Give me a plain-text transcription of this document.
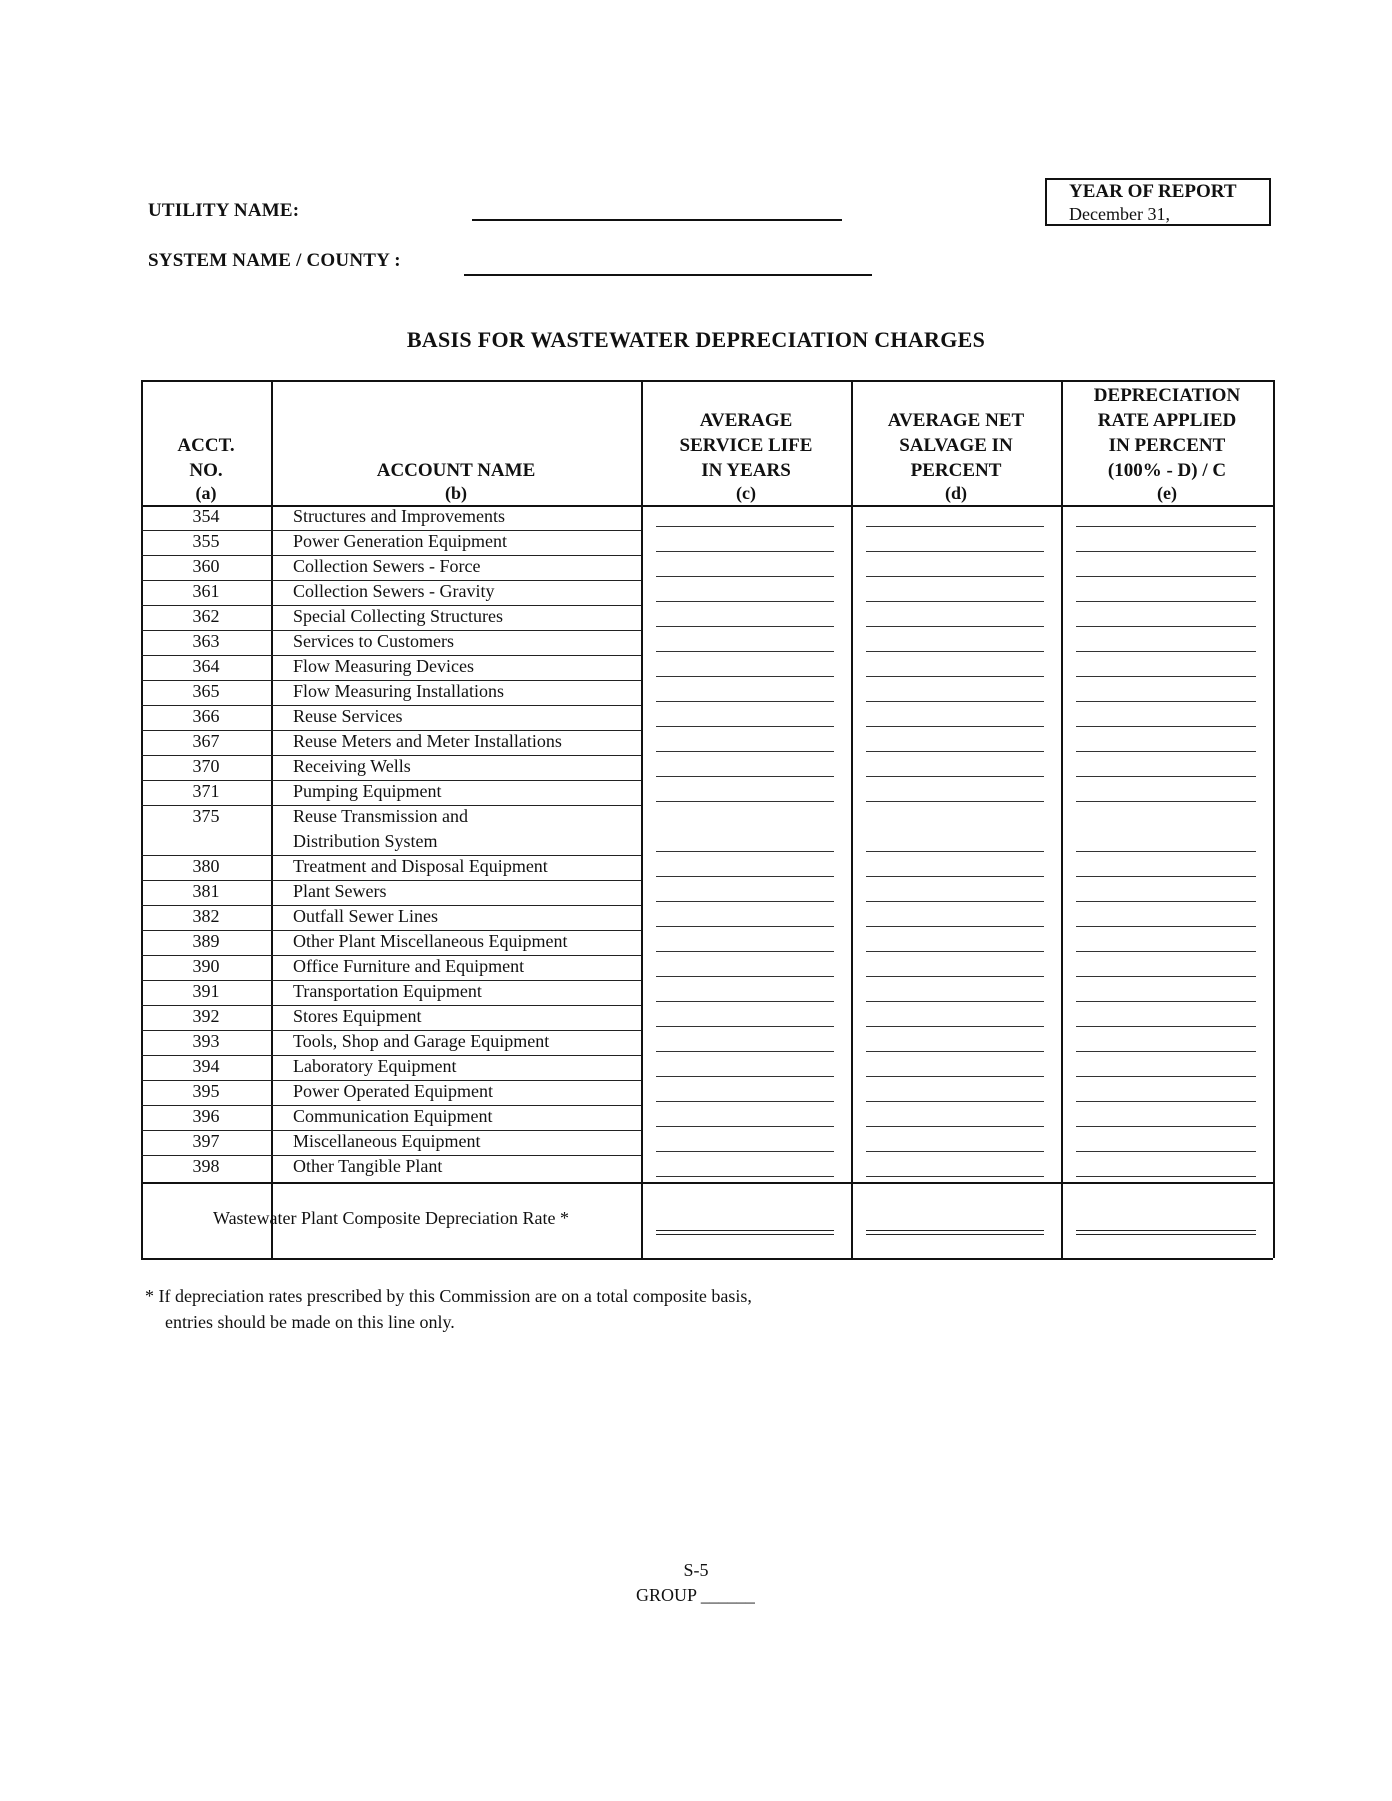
UTILITY NAME:
SYSTEM NAME / COUNTY :
YEAR OF REPORT
December 31,
BASIS FOR WASTEWATER DEPRECIATION CHARGES
ACCT.
NO.
(a)
ACCOUNT NAME
(b)
AVERAGE
SERVICE LIFE
IN YEARS
(c)
AVERAGE NET
SALVAGE IN
PERCENT
(d)
DEPRECIATION
RATE APPLIED
IN PERCENT
(100% - D) / C
(e)
354	Structures and Improvements
355	Power Generation Equipment
360	Collection Sewers - Force
361	Collection Sewers - Gravity
362	Special Collecting Structures
363	Services to Customers
364	Flow Measuring Devices
365	Flow Measuring Installations
366	Reuse Services
367	Reuse Meters and Meter Installations
370	Receiving Wells
371	Pumping Equipment
375	Reuse Transmission and
Distribution System
380	Treatment and Disposal Equipment
381	Plant Sewers
382	Outfall Sewer Lines
389	Other Plant Miscellaneous Equipment
390	Office Furniture and Equipment
391	Transportation Equipment
392	Stores Equipment
393	Tools, Shop and Garage Equipment
394	Laboratory Equipment
395	Power Operated Equipment
396	Communication Equipment
397	Miscellaneous Equipment
398	Other Tangible Plant
Wastewater Plant Composite Depreciation Rate *
* If depreciation rates prescribed by this Commission are on a total composite basis,
entries should be made on this line only.
S-5
GROUP ______
